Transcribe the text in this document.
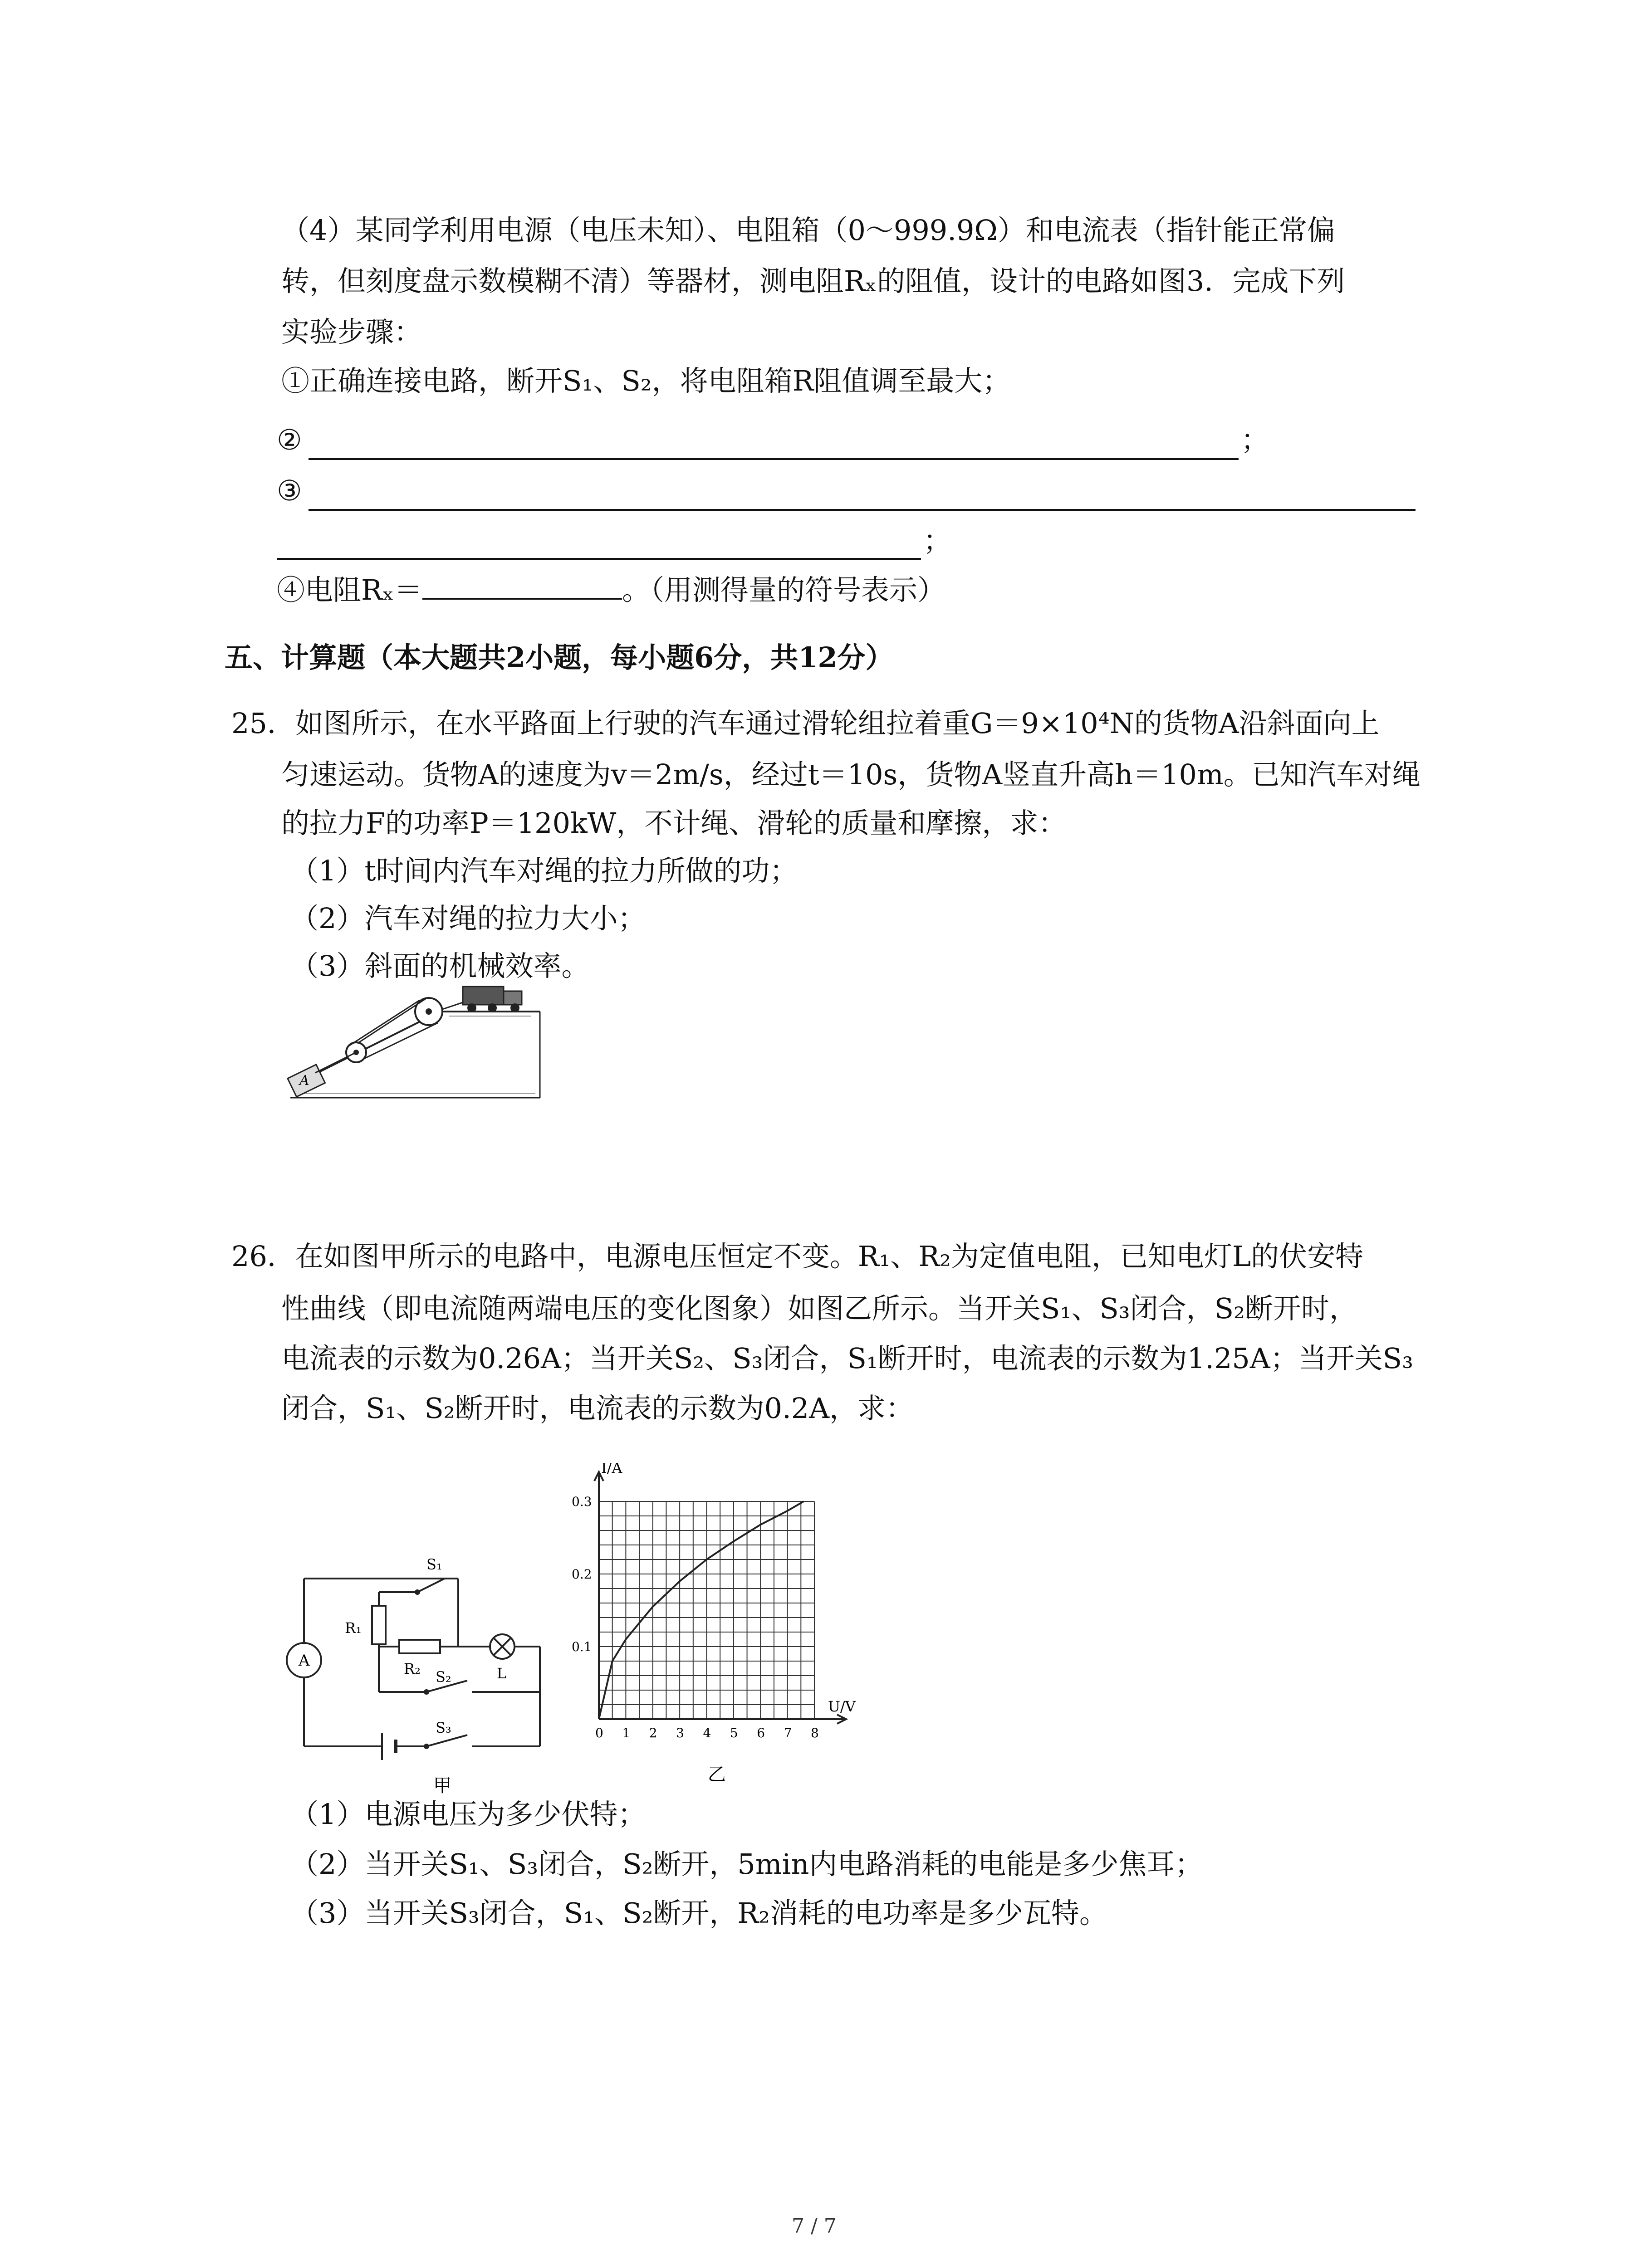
（4）某同学利用电源（电压未知）、电阻箱（0～999.9Ω）和电流表（指针能正常偏
转，但刻度盘示数模糊不清）等器材，测电阻Rₓ的阻值，设计的电路如图3．完成下列
实验步骤：
①正确连接电路，断开S₁、S₂，将电阻箱R阻值调至最大；
②	；
③
；
④电阻Rₓ＝	。（用测得量的符号表示）
五、计算题（本大题共2小题，每小题6分，共12分）
25．如图所示，在水平路面上行驶的汽车通过滑轮组拉着重G＝9×10⁴N的货物A沿斜面向上
匀速运动。货物A的速度为v＝2m/s，经过t＝10s，货物A竖直升高h＝10m。已知汽车对绳
的拉力F的功率P＝120kW，不计绳、滑轮的质量和摩擦，求：
（1）t时间内汽车对绳的拉力所做的功；
（2）汽车对绳的拉力大小；
（3）斜面的机械效率。
A
26．在如图甲所示的电路中，电源电压恒定不变。R₁、R₂为定值电阻，已知电灯L的伏安特
性曲线（即电流随两端电压的变化图象）如图乙所示。当开关S₁、S₃闭合，S₂断开时，
电流表的示数为0.26A；当开关S₂、S₃闭合，S₁断开时，电流表的示数为1.25A；当开关S₃
闭合，S₁、S₂断开时，电流表的示数为0.2A，求：
S₁
R₁
R₂	L
S₂
A
S₃
甲
0 1 2 3 4 5 6 7 8
0.1
0.2
0.3
I/A
U/V
乙
（1）电源电压为多少伏特；
（2）当开关S₁、S₃闭合，S₂断开，5min内电路消耗的电能是多少焦耳；
（3）当开关S₃闭合，S₁、S₂断开，R₂消耗的电功率是多少瓦特。
7 / 7
